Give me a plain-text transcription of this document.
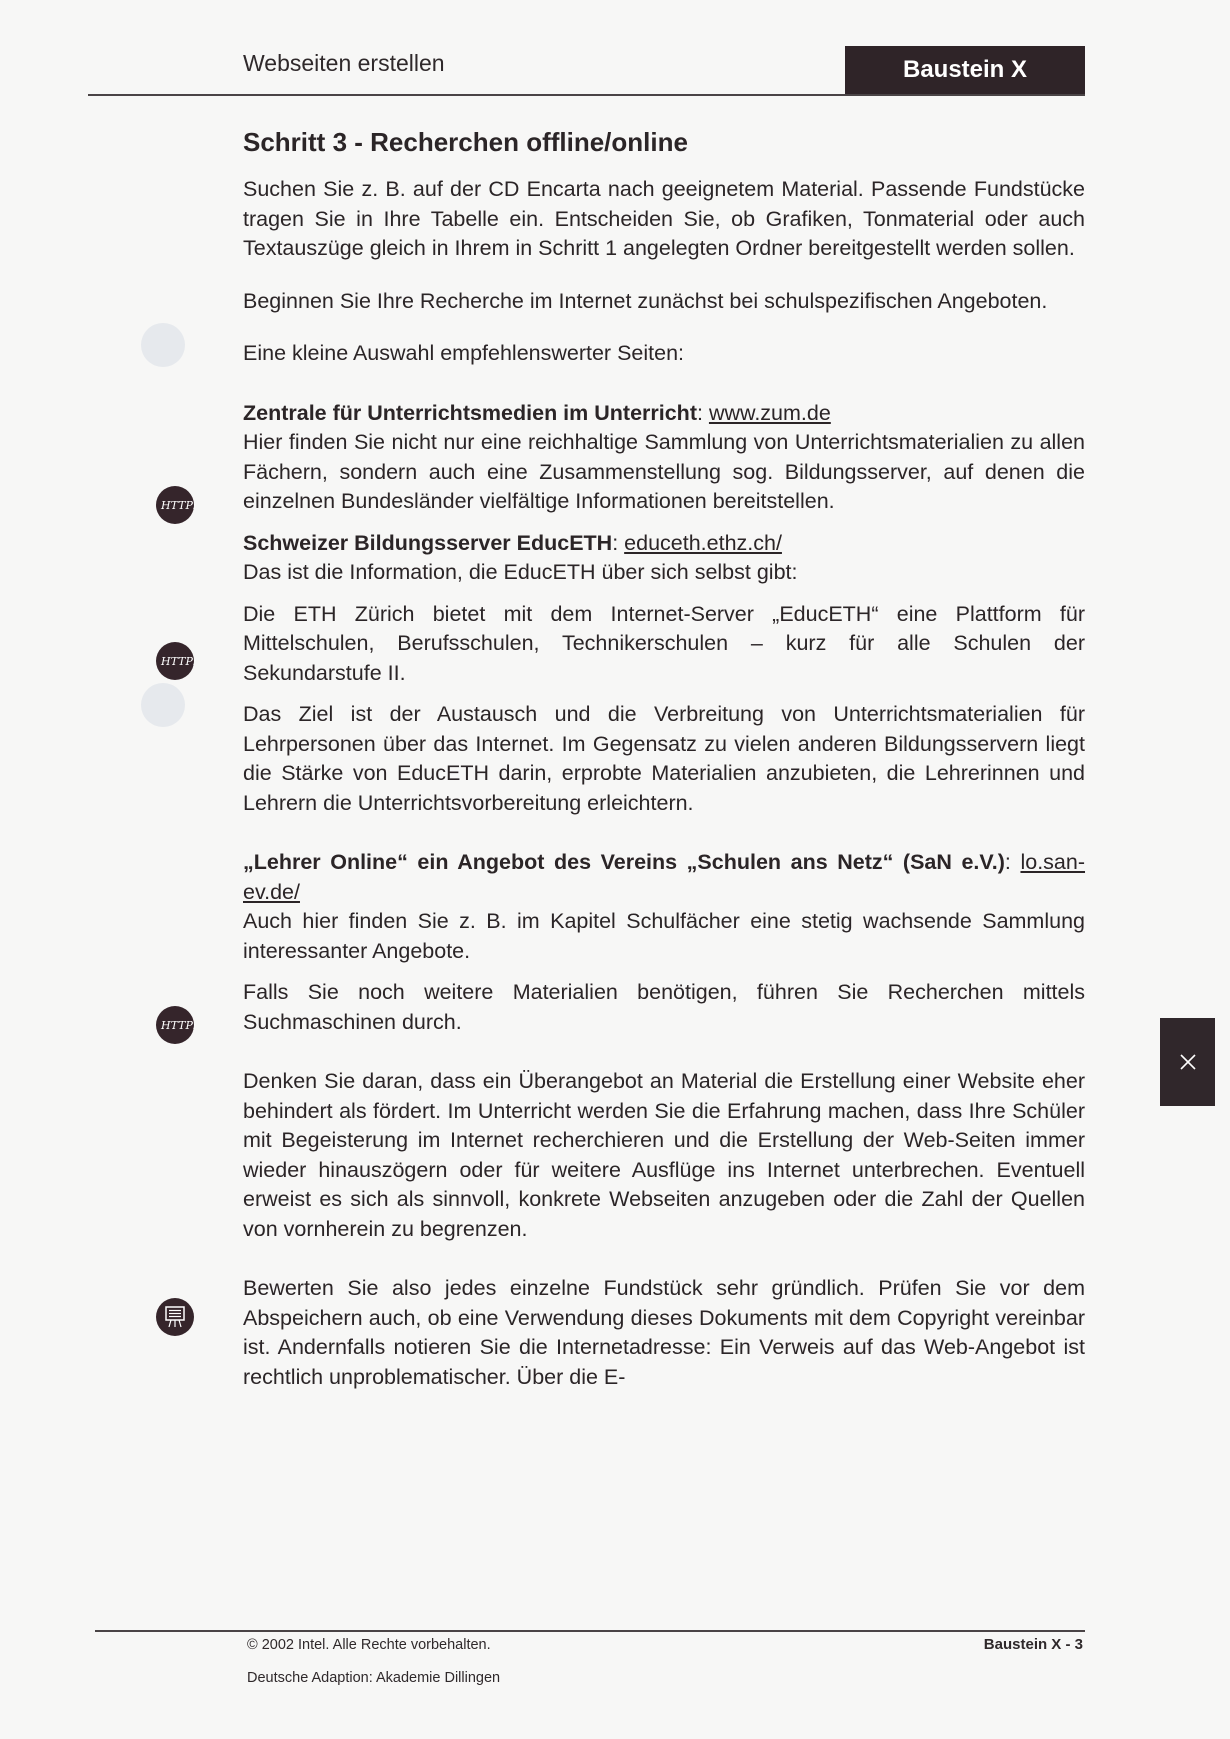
Webseiten erstellen	Baustein X
HTTP:
HTTP:
HTTP:
Schritt 3 - Recherchen offline/online

Suchen Sie z. B. auf der CD Encarta nach geeignetem Material. Passende Fundstücke tragen Sie in Ihre Tabelle ein. Entscheiden Sie, ob Grafiken, Tonmaterial oder auch Textauszüge gleich in Ihrem in Schritt 1 angelegten Ordner bereitgestellt werden sollen.

Beginnen Sie Ihre Recherche im Internet zunächst bei schulspezifischen Angeboten.

Eine kleine Auswahl empfehlenswerter Seiten:

Zentrale für Unterrichtsmedien im Unterricht: www.zum.de

Hier finden Sie nicht nur eine reichhaltige Sammlung von Unterrichtsmaterialien zu allen Fächern, sondern auch eine Zusammenstellung sog. Bildungsserver, auf denen die einzelnen Bundesländer vielfältige Informationen bereitstellen.

Schweizer Bildungsserver EducETH: educeth.ethz.ch/

Das ist die Information, die EducETH über sich selbst gibt:

Die ETH Zürich bietet mit dem Internet-Server „EducETH“ eine Plattform für Mittelschulen, Berufsschulen, Technikerschulen – kurz für alle Schulen der Sekundarstufe II.

Das Ziel ist der Austausch und die Verbreitung von Unterrichtsmaterialien für Lehrpersonen über das Internet. Im Gegensatz zu vielen anderen Bildungsservern liegt die Stärke von EducETH darin, erprobte Materialien anzubieten, die Lehrerinnen und Lehrern die Unterrichtsvorbereitung erleichtern.

„Lehrer Online“ ein Angebot des Vereins „Schulen ans Netz“ (SaN e.V.): lo.san-ev.de/

Auch hier finden Sie z. B. im Kapitel Schulfächer eine stetig wachsende Sammlung interessanter Angebote.

Falls Sie noch weitere Materialien benötigen, führen Sie Recherchen mittels Suchmaschinen durch.

Denken Sie daran, dass ein Überangebot an Material die Erstellung einer Website eher behindert als fördert. Im Unterricht werden Sie die Erfahrung machen, dass Ihre Schüler mit Begeisterung im Internet recherchieren und die Erstellung der Web-Seiten immer wieder hinauszögern oder für weitere Ausflüge ins Internet unterbrechen. Eventuell erweist es sich als sinnvoll, konkrete Webseiten anzugeben oder die Zahl der Quellen von vornherein zu begrenzen.

Bewerten Sie also jedes einzelne Fundstück sehr gründlich. Prüfen Sie vor dem Abspeichern auch, ob eine Verwendung dieses Dokuments mit dem Copyright vereinbar ist. Andernfalls notieren Sie die Internetadresse: Ein Verweis auf das Web-Angebot ist rechtlich unproblematischer. Über die E-

© 2002 Intel. Alle Rechte vorbehalten.	Baustein X - 3
Deutsche Adaption: Akademie Dillingen
